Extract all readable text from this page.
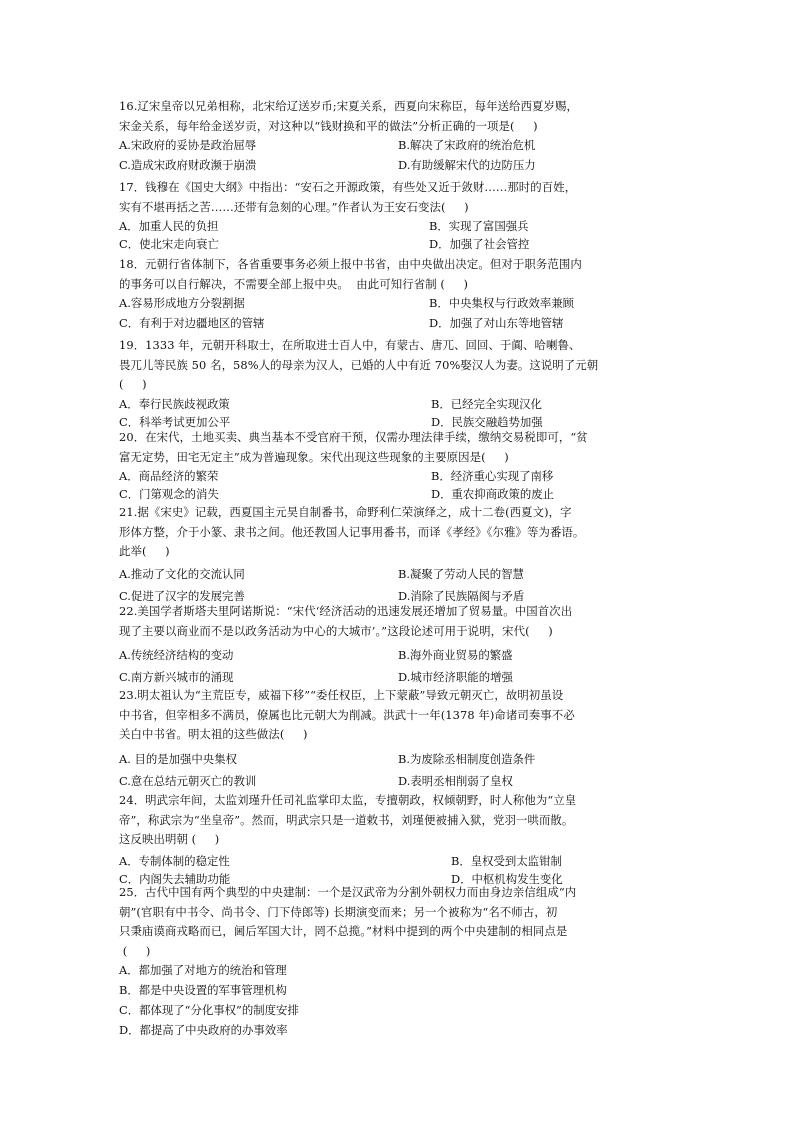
16.辽宋皇帝以兄弟相称，北宋给辽送岁币;宋夏关系，西夏向宋称臣，每年送给西夏岁赐，
宋金关系，每年给金送岁贡，对这种以“钱财换和平的做法”分析正确的一项是(     )
A.宋政府的妥协是政治屈辱	B.解决了宋政府的统治危机
C.造成宋政府财政濒于崩溃	D.有助缓解宋代的边防压力
17．钱穆在《国史大纲》中指出：“安石之开源政策，有些处又近于敛财……那时的百姓，
实有不堪再括之苦……还带有急刻的心理。”作者认为王安石变法(     )
A．加重人民的负担	B．实现了富国强兵
C．使北宋走向衰亡	D．加强了社会管控
18．元朝行省体制下，各省重要事务必须上报中书省，由中央做出决定。但对于职务范围内
的事务可以自行解决，不需要全部上报中央。  由此可知行省制 (     )
A.容易形成地方分裂割据	B．中央集权与行政效率兼顾
C．有利于对边疆地区的管辖	D．加强了对山东等地管辖
19．1333 年，元朝开科取士，在所取进士百人中，有蒙古、唐兀、回回、于阗、哈喇鲁、
畏兀儿等民族 50 名，58%人的母亲为汉人，已婚的人中有近 70%娶汉人为妻。这说明了元朝
(     )
A．奉行民族歧视政策	B．已经完全实现汉化
C．科举考试更加公平	D．民族交融趋势加强
20．在宋代，土地买卖、典当基本不受官府干预，仅需办理法律手续，缴纳交易税即可，“贫
富无定势，田宅无定主”成为普遍现象。宋代出现这些现象的主要原因是(     )
A．商品经济的繁荣	B．经济重心实现了南移
C．门第观念的消失	D．重农抑商政策的废止
21.据《宋史》记载，西夏国主元昊自制番书，命野利仁荣演绎之，成十二卷(西夏文)，字
形体方整，介于小篆、隶书之间。他还教国人记事用番书，而译《孝经》《尔雅》等为番语。
此举(     )
A.推动了文化的交流认同	B.凝聚了劳动人民的智慧
C.促进了汉字的发展完善	D.消除了民族隔阂与矛盾
22.美国学者斯塔夫里阿诺斯说：“宋代‘经济活动的迅速发展还增加了贸易量。中国首次出
现了主要以商业而不是以政务活动为中心的大城市’。”这段论述可用于说明，宋代(     )
A.传统经济结构的变动	B.海外商业贸易的繁盛
C.南方新兴城市的涌现	D.城市经济职能的增强
23.明太祖认为“主荒臣专，威福下移”“委任权臣，上下蒙蔽”导致元朝灭亡，故明初虽设
中书省，但宰相多不满员，僚属也比元朝大为削减。洪武十一年(1378 年)命诸司奏事不必
关白中书省。明太祖的这些做法(     )
A. 目的是加强中央集权	B.为废除丞相制度创造条件
C.意在总结元朝灭亡的教训	D.表明丞相削弱了皇权
24．明武宗年间，太监刘瑾升任司礼监掌印太监，专擅朝政，权倾朝野，时人称他为“立皇
帝”，称武宗为“坐皇帝”。然而，明武宗只是一道敕书，刘瑾便被捕入狱，党羽一哄而散。
这反映出明朝 (     )
A．专制体制的稳定性	B．皇权受到太监钳制
C．内阁失去辅助功能	D．中枢机构发生变化
25．古代中国有两个典型的中央建制：一个是汉武帝为分割外朝权力而由身边亲信组成“内
朝”(官职有中书令、尚书令、门下侍郎等) 长期演变而来；另一个被称为“名不师古，初
只秉庙谟商戎略而已，阃后军国大计，罔不总揽。”材料中提到的两个中央建制的相同点是
(     )
A．都加强了对地方的统治和管理
B．都是中央设置的军事管理机构
C．都体现了“分化事权”的制度安排
D．都提高了中央政府的办事效率
